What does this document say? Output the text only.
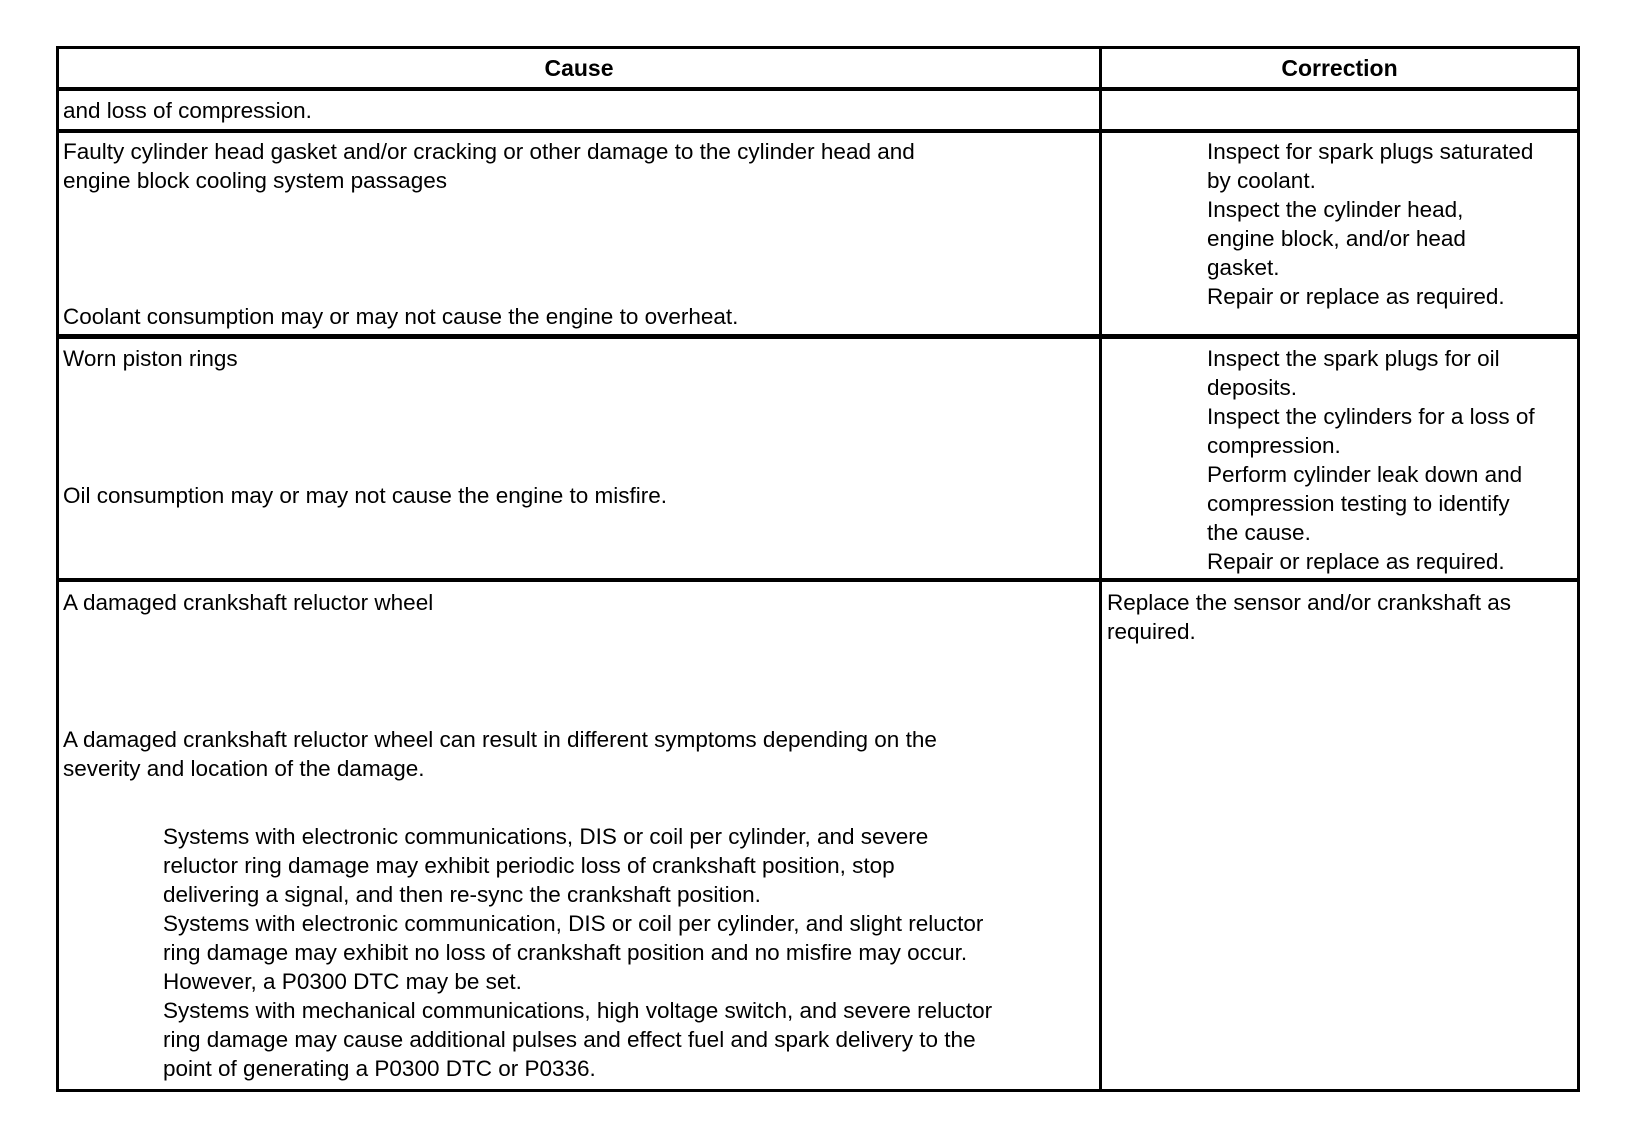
Cause	Correction
and loss of compression.
Faulty cylinder head gasket and/or cracking or other damage to the cylinder head and
engine block cooling system passages
Coolant consumption may or may not cause the engine to overheat.
Inspect for spark plugs saturated
by coolant.
Inspect the cylinder head,
engine block, and/or head
gasket.
Repair or replace as required.
Worn piston rings
Oil consumption may or may not cause the engine to misfire.
Inspect the spark plugs for oil
deposits.
Inspect the cylinders for a loss of
compression.
Perform cylinder leak down and
compression testing to identify
the cause.
Repair or replace as required.
A damaged crankshaft reluctor wheel
A damaged crankshaft reluctor wheel can result in different symptoms depending on the
severity and location of the damage.
Systems with electronic communications, DIS or coil per cylinder, and severe
reluctor ring damage may exhibit periodic loss of crankshaft position, stop
delivering a signal, and then re-sync the crankshaft position.
Systems with electronic communication, DIS or coil per cylinder, and slight reluctor
ring damage may exhibit no loss of crankshaft position and no misfire may occur.
However, a P0300 DTC may be set.
Systems with mechanical communications, high voltage switch, and severe reluctor
ring damage may cause additional pulses and effect fuel and spark delivery to the
point of generating a P0300 DTC or P0336.
Replace the sensor and/or crankshaft as
required.
